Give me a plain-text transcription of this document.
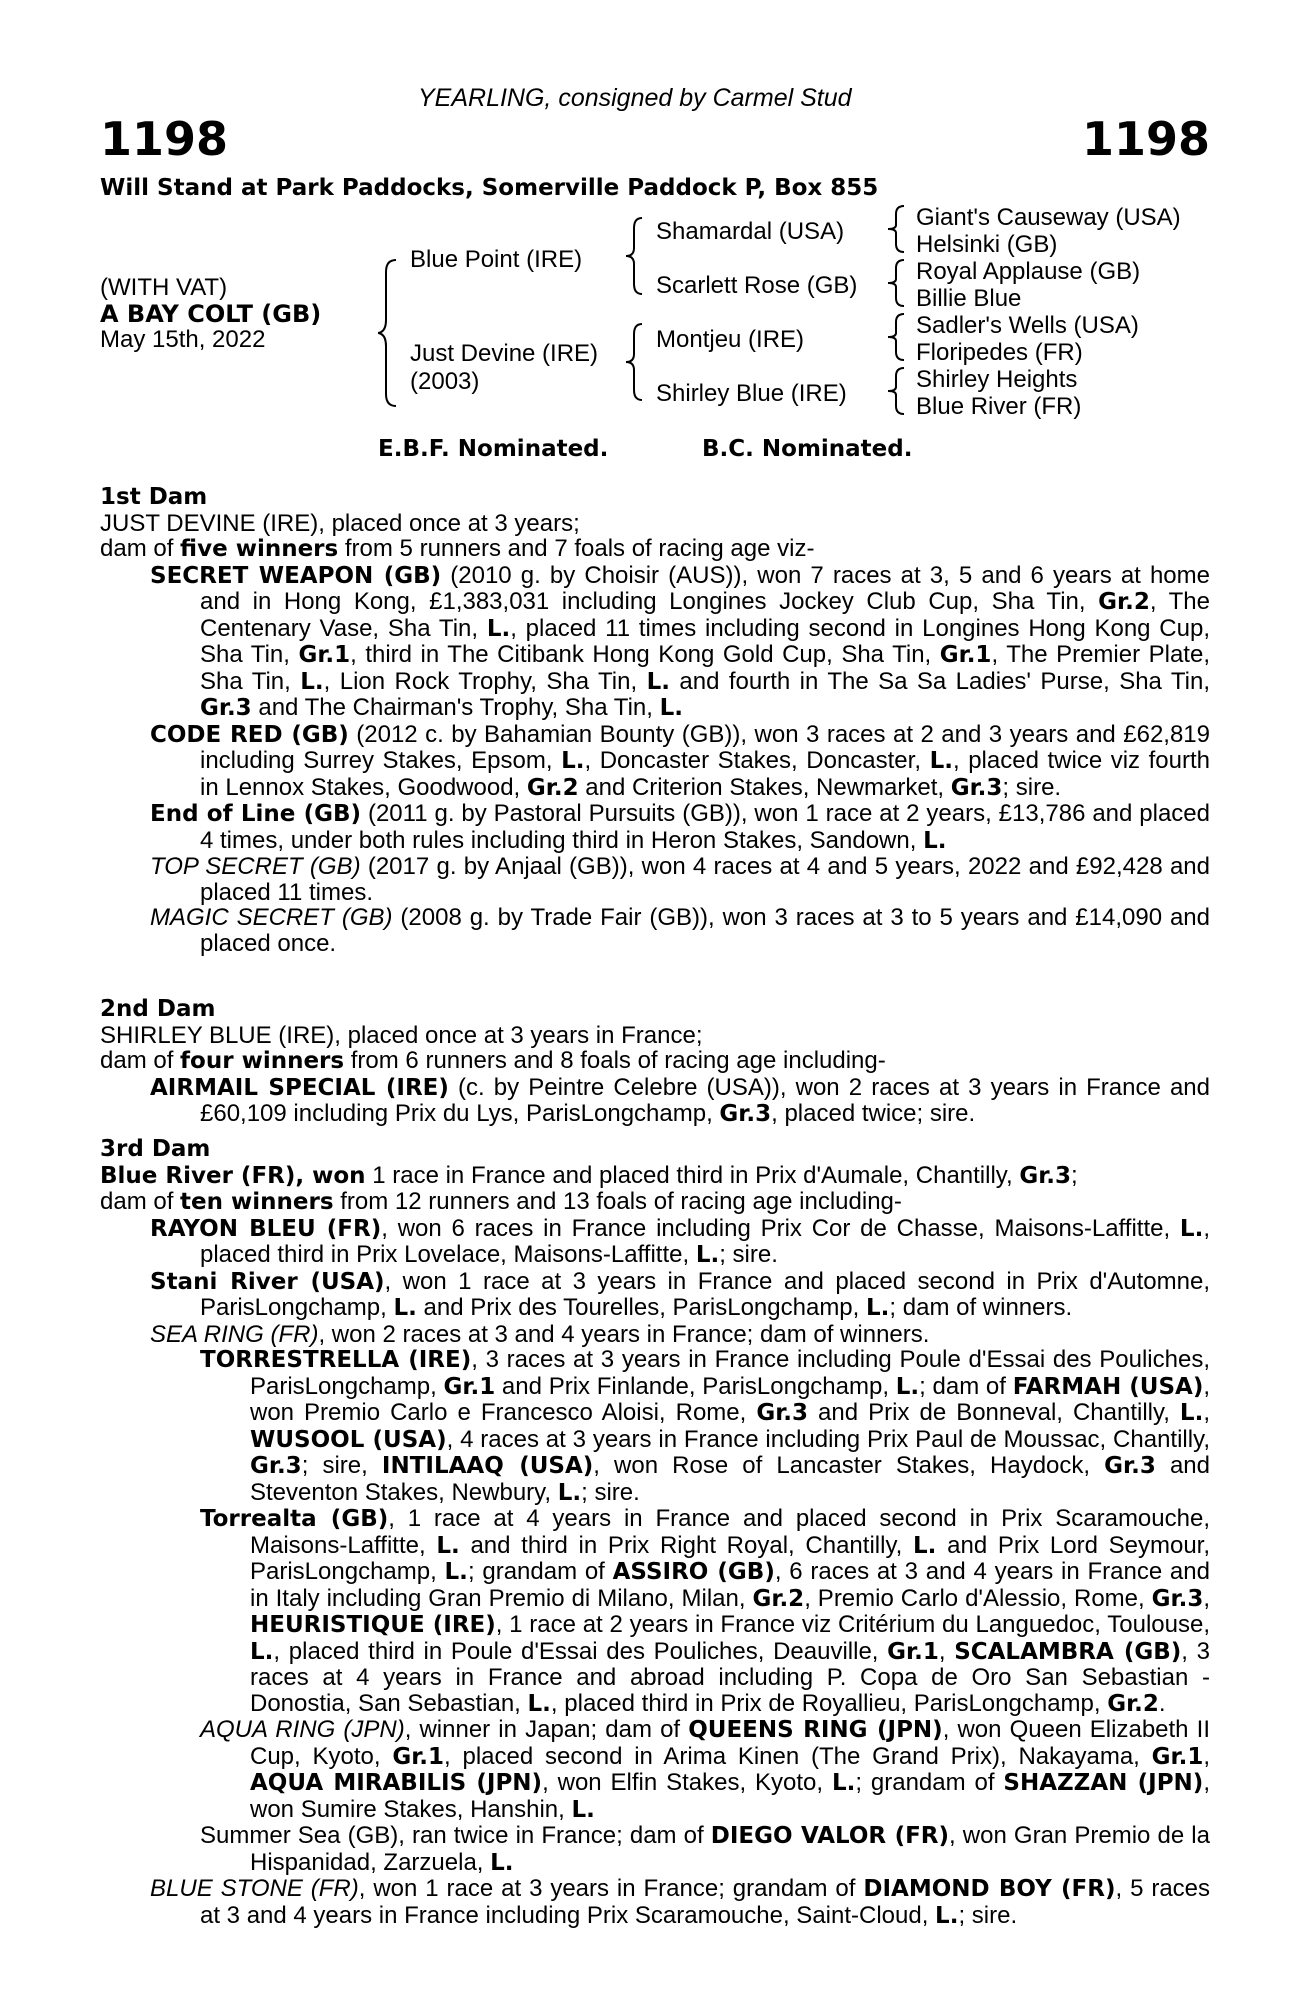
YEARLING, consigned by Carmel Stud
1198	1198
Will Stand at Park Paddocks, Somerville Paddock P, Box 855
(WITH VAT)
A BAY COLT (GB)
May 15th, 2022
Blue Point (IRE)
Just Devine (IRE)
(2003)
Shamardal (USA)
Scarlett Rose (GB)
Montjeu (IRE)
Shirley Blue (IRE)
Giant's Causeway (USA)
Helsinki (GB)
Royal Applause (GB)
Billie Blue
Sadler's Wells (USA)
Floripedes (FR)
Shirley Heights
Blue River (FR)
E.B.F. Nominated.	B.C. Nominated.

1st Dam

JUST DEVINE (IRE), placed once at 3 years;

dam of five winners from 5 runners and 7 foals of racing age viz-

SECRET WEAPON (GB) (2010 g. by Choisir (AUS)), won 7 races at 3, 5 and 6 years at home and in Hong Kong, £1,383,031 including Longines Jockey Club Cup, Sha Tin, Gr.2, The Centenary Vase, Sha Tin, L., placed 11 times including second in Longines Hong Kong Cup, Sha Tin, Gr.1, third in The Citibank Hong Kong Gold Cup, Sha Tin, Gr.1, The Premier Plate, Sha Tin, L., Lion Rock Trophy, Sha Tin, L. and fourth in The Sa Sa Ladies' Purse, Sha Tin, Gr.3 and The Chairman's Trophy, Sha Tin, L.

CODE RED (GB) (2012 c. by Bahamian Bounty (GB)), won 3 races at 2 and 3 years and £62,819 including Surrey Stakes, Epsom, L., Doncaster Stakes, Doncaster, L., placed twice viz fourth in Lennox Stakes, Goodwood, Gr.2 and Criterion Stakes, Newmarket, Gr.3; sire.

End of Line (GB) (2011 g. by Pastoral Pursuits (GB)), won 1 race at 2 years, £13,786 and placed 4 times, under both rules including third in Heron Stakes, Sandown, L.

TOP SECRET (GB) (2017 g. by Anjaal (GB)), won 4 races at 4 and 5 years, 2022 and £92,428 and placed 11 times.

MAGIC SECRET (GB) (2008 g. by Trade Fair (GB)), won 3 races at 3 to 5 years and £14,090 and placed once.

2nd Dam

SHIRLEY BLUE (IRE), placed once at 3 years in France;

dam of four winners from 6 runners and 8 foals of racing age including-

AIRMAIL SPECIAL (IRE) (c. by Peintre Celebre (USA)), won 2 races at 3 years in France and £60,109 including Prix du Lys, ParisLongchamp, Gr.3, placed twice; sire.

3rd Dam

Blue River (FR), won 1 race in France and placed third in Prix d'Aumale, Chantilly, Gr.3;

dam of ten winners from 12 runners and 13 foals of racing age including-

RAYON BLEU (FR), won 6 races in France including Prix Cor de Chasse, Maisons-Laffitte, L., placed third in Prix Lovelace, Maisons-Laffitte, L.; sire.

Stani River (USA), won 1 race at 3 years in France and placed second in Prix d'Automne, ParisLongchamp, L. and Prix des Tourelles, ParisLongchamp, L.; dam of winners.

SEA RING (FR), won 2 races at 3 and 4 years in France; dam of winners.

TORRESTRELLA (IRE), 3 races at 3 years in France including Poule d'Essai des Pouliches, ParisLongchamp, Gr.1 and Prix Finlande, ParisLongchamp, L.; dam of FARMAH (USA), won Premio Carlo e Francesco Aloisi, Rome, Gr.3 and Prix de Bonneval, Chantilly, L., WUSOOL (USA), 4 races at 3 years in France including Prix Paul de Moussac, Chantilly, Gr.3; sire, INTILAAQ (USA), won Rose of Lancaster Stakes, Haydock, Gr.3 and Steventon Stakes, Newbury, L.; sire.

Torrealta (GB), 1 race at 4 years in France and placed second in Prix Scaramouche, Maisons-Laffitte, L. and third in Prix Right Royal, Chantilly, L. and Prix Lord Seymour, ParisLongchamp, L.; grandam of ASSIRO (GB), 6 races at 3 and 4 years in France and in Italy including Gran Premio di Milano, Milan, Gr.2, Premio Carlo d'Alessio, Rome, Gr.3, HEURISTIQUE (IRE), 1 race at 2 years in France viz Critérium du Languedoc, Toulouse, L., placed third in Poule d'Essai des Pouliches, Deauville, Gr.1, SCALAMBRA (GB), 3 races at 4 years in France and abroad including P. Copa de Oro San Sebastian - Donostia, San Sebastian, L., placed third in Prix de Royallieu, ParisLongchamp, Gr.2.

AQUA RING (JPN), winner in Japan; dam of QUEENS RING (JPN), won Queen Elizabeth II Cup, Kyoto, Gr.1, placed second in Arima Kinen (The Grand Prix), Nakayama, Gr.1, AQUA MIRABILIS (JPN), won Elfin Stakes, Kyoto, L.; grandam of SHAZZAN (JPN), won Sumire Stakes, Hanshin, L.

Summer Sea (GB), ran twice in France; dam of DIEGO VALOR (FR), won Gran Premio de la Hispanidad, Zarzuela, L.

BLUE STONE (FR), won 1 race at 3 years in France; grandam of DIAMOND BOY (FR), 5 races at 3 and 4 years in France including Prix Scaramouche, Saint-Cloud, L.; sire.
